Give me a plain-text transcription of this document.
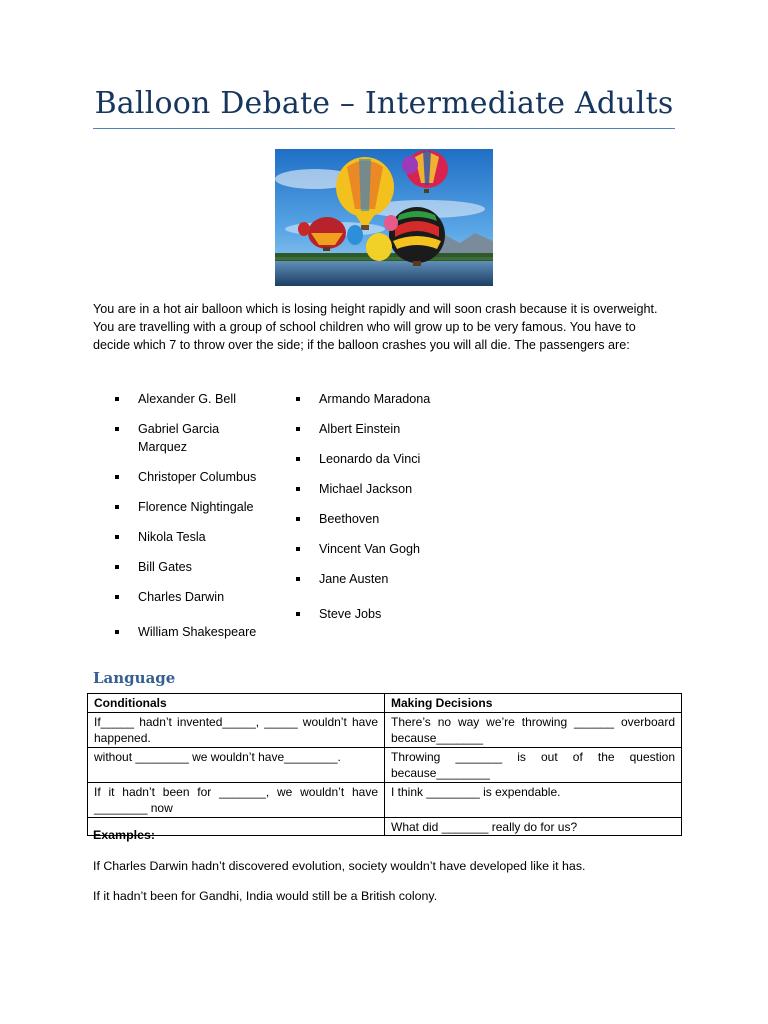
Balloon Debate – Intermediate Adults

You are in a hot air balloon which is losing height rapidly and will soon crash because it is overweight. You are travelling with a group of school children who will grow up to be very famous. You have to decide which 7 to throw over the side; if the balloon crashes you will all die. The passengers are:

Alexander G. Bell
Gabriel Garcia
Marquez
Christoper Columbus
Florence Nightingale
Nikola Tesla
Bill Gates
Charles Darwin
William Shakespeare
Armando Maradona
Albert Einstein
Leonardo da Vinci
Michael Jackson
Beethoven
Vincent Van Gogh
Jane Austen
Steve Jobs
Language
Conditionals	Making Decisions
If_____ hadn’t invented_____, _____ wouldn’t have happened.	There’s no way we’re throwing ______ overboard because_______
without ________ we wouldn’t have________.	Throwing _______ is out of the question because________
If it hadn’t been for _______, we wouldn’t have ________ now	I think ________ is expendable.
	What did _______ really do for us?
Examples:
If Charles Darwin hadn’t discovered evolution, society wouldn’t have developed like it has.
If it hadn’t been for Gandhi, India would still be a British colony.
